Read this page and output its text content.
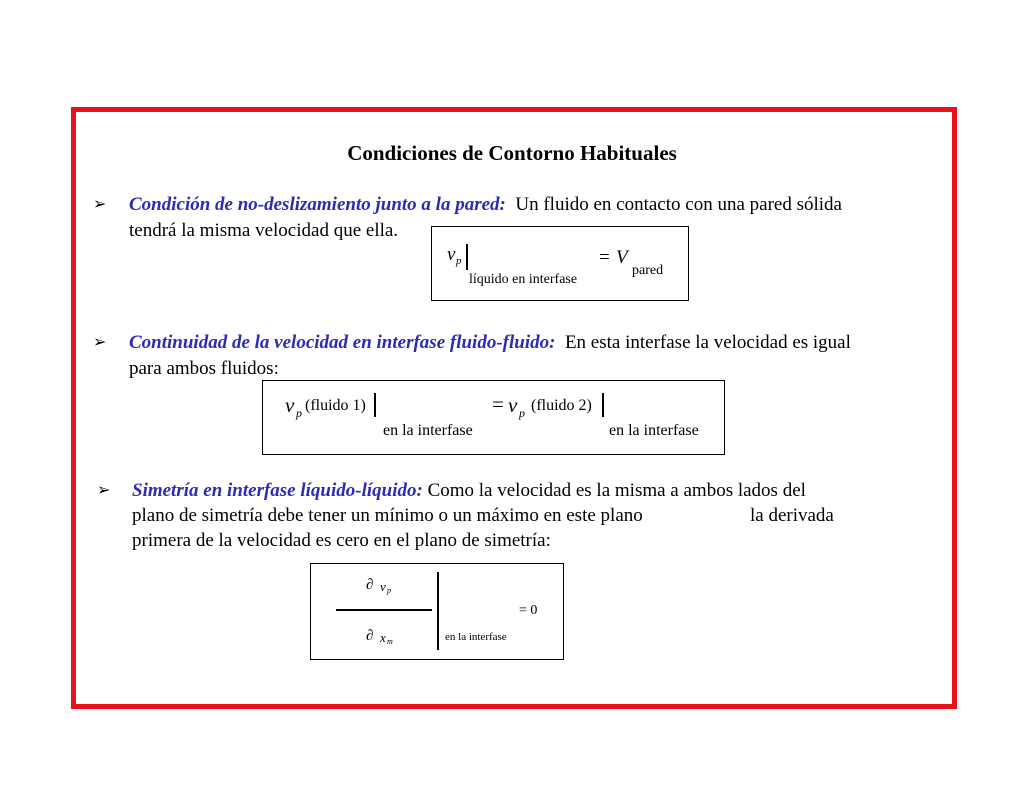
Condiciones de Contorno Habituales
➢ Condición de no-deslizamiento junto a la pared: Un fluido en contacto con una pared sólida
tendrá la misma velocidad que ella.
v p
líquido en interfase
= V
pared
➢ Continuidad de la velocidad en interfase fluido-fluido: En esta interfase la velocidad es igual
para ambos fluidos:
v p (fluido 1)
en la interfase
= v p (fluido 2)
en la interfase
➢ Simetría en interfase líquido-líquido: Como la velocidad es la misma a ambos lados del
plano de simetría debe tener un mínimo o un máximo en este plano	la derivada
primera de la velocidad es cero en el plano de simetría:
∂ v p
∂ x m
= 0
en la interfase
